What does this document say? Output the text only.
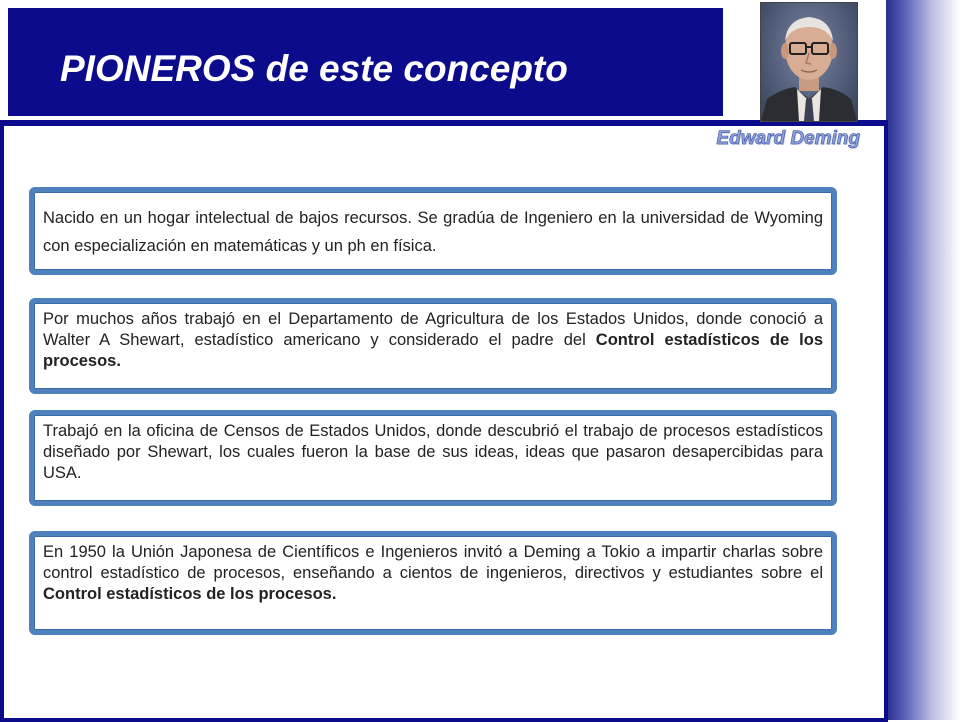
PIONEROS de este concepto
Edward Deming

Nacido en un hogar intelectual de bajos recursos. Se gradúa de Ingeniero en la universidad de Wyoming con especialización en matemáticas y un ph en física.

Por muchos años trabajó en el Departamento de Agricultura de los Estados Unidos, donde conoció a Walter A Shewart, estadístico americano y considerado el padre del Control estadísticos de los procesos.

Trabajó en la oficina de Censos de Estados Unidos, donde descubrió el trabajo de procesos estadísticos diseñado por Shewart, los cuales fueron la base de sus ideas, ideas que pasaron desapercibidas para USA.

En 1950 la Unión Japonesa de Científicos e Ingenieros invitó a Deming a Tokio a impartir charlas sobre control estadístico de procesos, enseñando a cientos de ingenieros, directivos y estudiantes sobre el Control estadísticos de los procesos.
